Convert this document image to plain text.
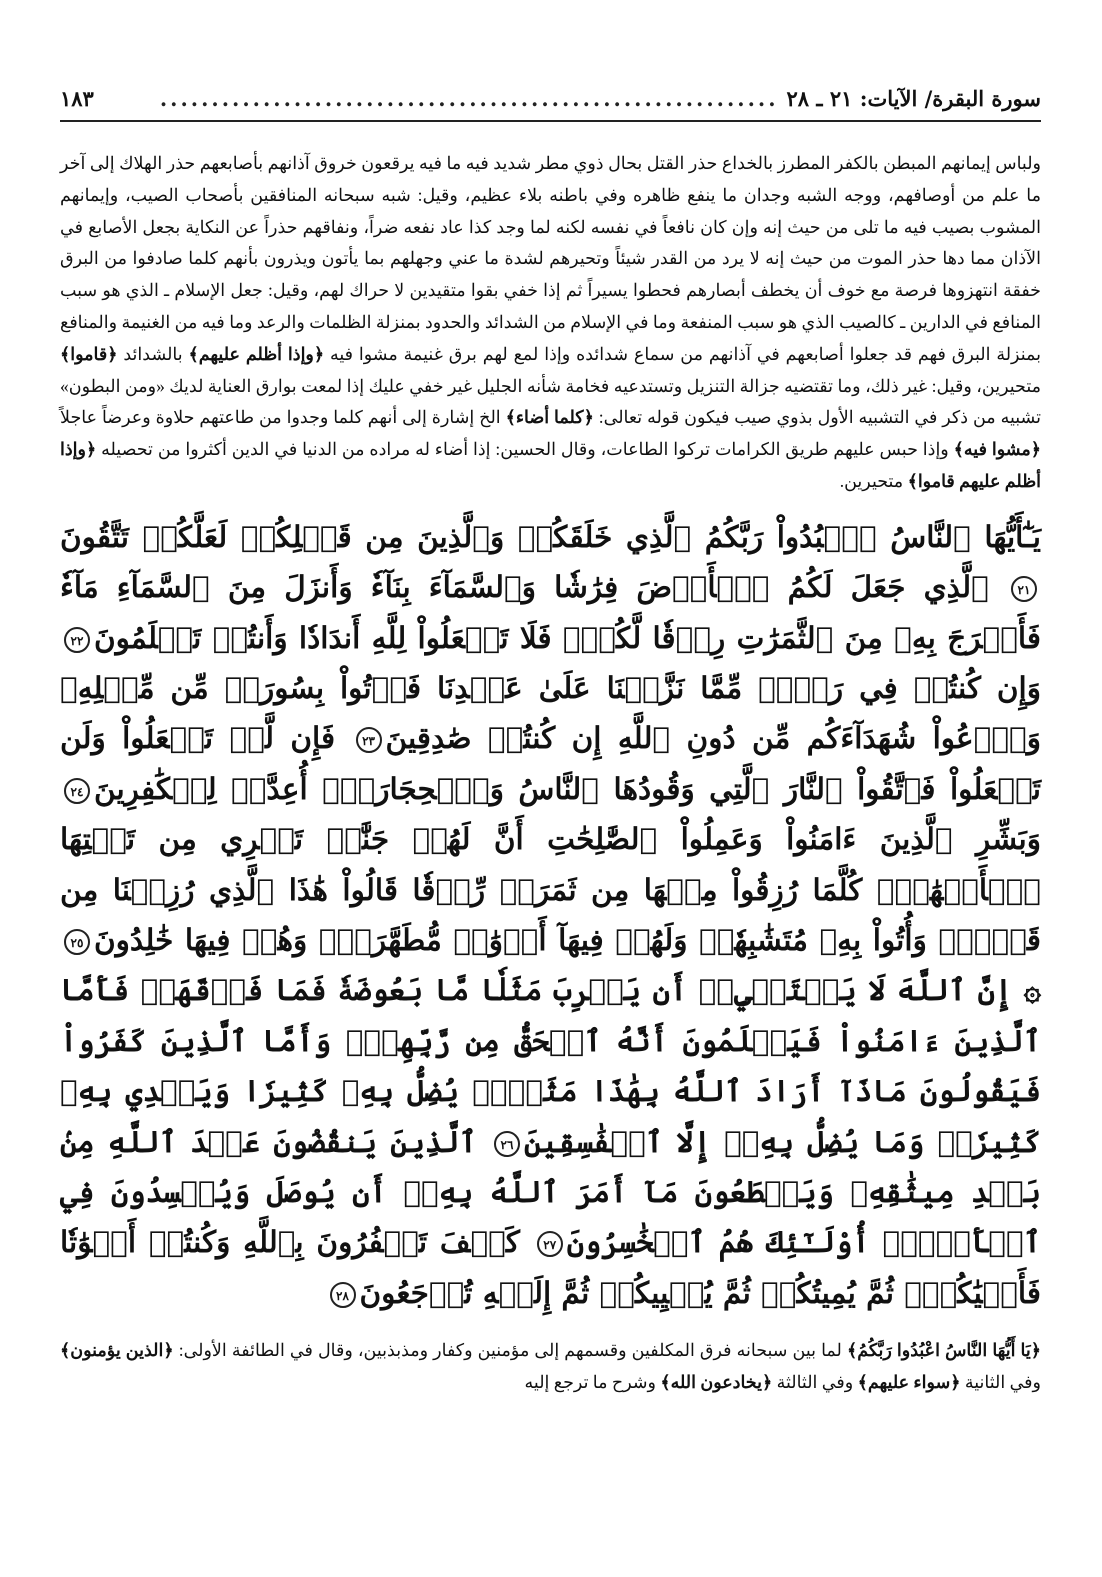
سورة البقرة/ الآيات: ٢١ ـ ٢٨
............................................................
١٨٣

ولباس إيمانهم المبطن بالكفر المطرز بالخداع حذر القتل بحال ذوي مطر شديد فيه ما فيه يرقعون خروق آذانهم بأصابعهم حذر الهلاك إلى آخر ما علم من أوصافهم، ووجه الشبه وجدان ما ينفع ظاهره وفي باطنه بلاء عظيم، وقيل: شبه سبحانه المنافقين بأصحاب الصيب، وإيمانهم المشوب بصيب فيه ما تلى من حيث إنه وإن كان نافعاً في نفسه لكنه لما وجد كذا عاد نفعه ضراً، ونفاقهم حذراً عن النكاية بجعل الأصابع في الآذان مما دها حذر الموت من حيث إنه لا يرد من القدر شيئاً وتحيرهم لشدة ما عني وجهلهم بما يأتون ويذرون بأنهم كلما صادفوا من البرق خفقة انتهزوها فرصة مع خوف أن يخطف أبصارهم فحطوا يسيراً ثم إذا خفي بقوا متقيدين لا حراك لهم، وقيل: جعل الإسلام ـ الذي هو سبب المنافع في الدارين ـ كالصيب الذي هو سبب المنفعة وما في الإسلام من الشدائد والحدود بمنزلة الظلمات والرعد وما فيه من الغنيمة والمنافع بمنزلة البرق فهم قد جعلوا أصابعهم في آذانهم من سماع شدائده وإذا لمع لهم برق غنيمة مشوا فيه ﴿وإذا أظلم عليهم﴾ بالشدائد ﴿قاموا﴾ متحيرين، وقيل: غير ذلك، وما تقتضيه جزالة التنزيل وتستدعيه فخامة شأنه الجليل غير خفي عليك إذا لمعت بوارق العناية لديك «ومن البطون» تشبيه من ذكر في التشبيه الأول بذوي صيب فيكون قوله تعالى: ﴿كلما أضاء﴾ الخ إشارة إلى أنهم كلما وجدوا من طاعتهم حلاوة وعرضاً عاجلاً ﴿مشوا فيه﴾ وإذا حبس عليهم طريق الكرامات تركوا الطاعات، وقال الحسين: إذا أضاء له مراده من الدنيا في الدين أكثروا من تحصيله ﴿وإذا أظلم عليهم قاموا﴾ متحيرين.

يَـٰٓأَيُّهَا ٱلنَّاسُ ٱعۡبُدُواْ رَبَّكُمُ ٱلَّذِي خَلَقَكُمۡ وَٱلَّذِينَ مِن قَبۡلِكُمۡ لَعَلَّكُمۡ تَتَّقُونَ٢١ ٱلَّذِي جَعَلَ لَكُمُ ٱلۡأَرۡضَ فِرَٰشٗا وَٱلسَّمَآءَ بِنَآءٗ وَأَنزَلَ مِنَ ٱلسَّمَآءِ مَآءٗ فَأَخۡرَجَ بِهِۦ مِنَ ٱلثَّمَرَٰتِ رِزۡقٗا لَّكُمۡۖ فَلَا تَجۡعَلُواْ لِلَّهِ أَندَادٗا وَأَنتُمۡ تَعۡلَمُونَ٢٢ وَإِن كُنتُمۡ فِي رَيۡبٖ مِّمَّا نَزَّلۡنَا عَلَىٰ عَبۡدِنَا فَأۡتُواْ بِسُورَةٖ مِّن مِّثۡلِهِۦ وَٱدۡعُواْ شُهَدَآءَكُم مِّن دُونِ ٱللَّهِ إِن كُنتُمۡ صَٰدِقِينَ٢٣ فَإِن لَّمۡ تَفۡعَلُواْ وَلَن تَفۡعَلُواْ فَٱتَّقُواْ ٱلنَّارَ ٱلَّتِي وَقُودُهَا ٱلنَّاسُ وَٱلۡحِجَارَةُۖ أُعِدَّتۡ لِلۡكَٰفِرِينَ٢٤ وَبَشِّرِ ٱلَّذِينَ ءَامَنُواْ وَعَمِلُواْ ٱلصَّٰلِحَٰتِ أَنَّ لَهُمۡ جَنَّٰتٖ تَجۡرِي مِن تَحۡتِهَا ٱلۡأَنۡهَٰرُۖ كُلَّمَا رُزِقُواْ مِنۡهَا مِن ثَمَرَةٖ رِّزۡقٗا قَالُواْ هَٰذَا ٱلَّذِي رُزِقۡنَا مِن قَبۡلُۖ وَأُتُواْ بِهِۦ مُتَشَٰبِهٗاۖ وَلَهُمۡ فِيهَآ أَزۡوَٰجٞ مُّطَهَّرَةٞۖ وَهُمۡ فِيهَا خَٰلِدُونَ٢٥ ۞ إِنَّ ٱللَّهَ لَا يَسۡتَحۡيِۦٓ أَن يَضۡرِبَ مَثَلٗا مَّا بَعُوضَةٗ فَمَا فَوۡقَهَاۚ فَأَمَّا ٱلَّذِينَ ءَامَنُواْ فَيَعۡلَمُونَ أَنَّهُ ٱلۡحَقُّ مِن رَّبِّهِمۡۖ وَأَمَّا ٱلَّذِينَ كَفَرُواْ فَيَقُولُونَ مَاذَآ أَرَادَ ٱللَّهُ بِهَٰذَا مَثَلٗاۘ يُضِلُّ بِهِۦ كَثِيرٗا وَيَهۡدِي بِهِۦ كَثِيرٗاۚ وَمَا يُضِلُّ بِهِۦٓ إِلَّا ٱلۡفَٰسِقِينَ٢٦ ٱلَّذِينَ يَنقُضُونَ عَهۡدَ ٱللَّهِ مِنۢ بَعۡدِ مِيثَٰقِهِۦ وَيَقۡطَعُونَ مَآ أَمَرَ ٱللَّهُ بِهِۦٓ أَن يُوصَلَ وَيُفۡسِدُونَ فِي ٱلۡأَرۡضِۚ أُوْلَـٰٓئِكَ هُمُ ٱلۡخَٰسِرُونَ٢٧ كَيۡفَ تَكۡفُرُونَ بِٱللَّهِ وَكُنتُمۡ أَمۡوَٰتٗا فَأَحۡيَٰكُمۡۖ ثُمَّ يُمِيتُكُمۡ ثُمَّ يُحۡيِيكُمۡ ثُمَّ إِلَيۡهِ تُرۡجَعُونَ٢٨

﴿يَا أَيُّهَا النَّاسُ اعْبُدُوا رَبَّكُمُ﴾ لما بين سبحانه فرق المكلفين وقسمهم إلى مؤمنين وكفار ومذبذبين، وقال في الطائفة الأولى: ﴿الذين يؤمنون﴾ وفي الثانية ﴿سواء عليهم﴾ وفي الثالثة ﴿يخادعون الله﴾ وشرح ما ترجع إليه
